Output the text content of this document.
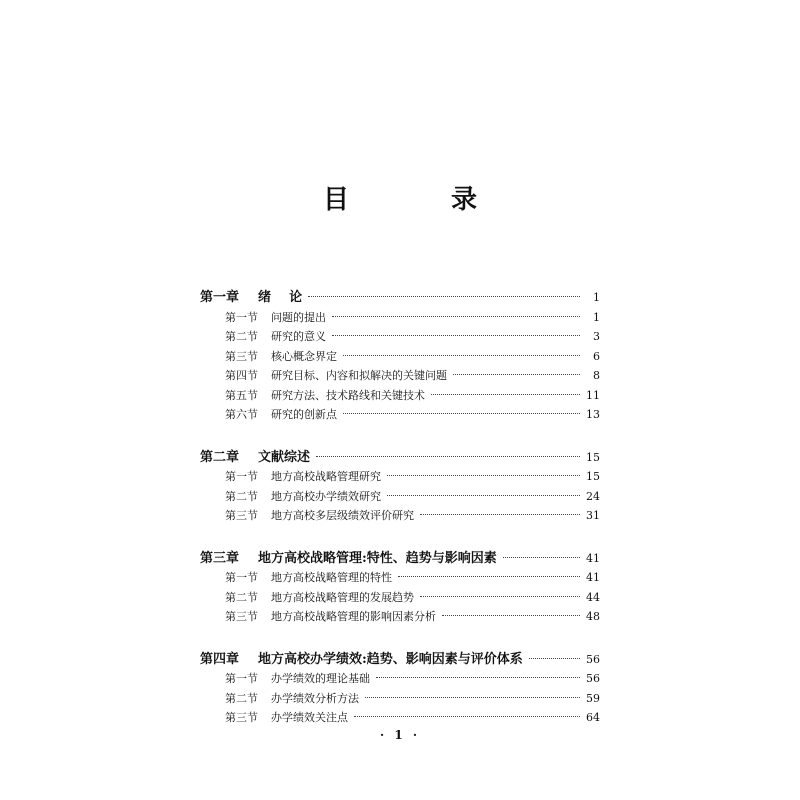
目  录
第一章	绪    论	1
第一节	问题的提出	1
第二节	研究的意义	3
第三节	核心概念界定	6
第四节	研究目标、内容和拟解决的关键问题	8
第五节	研究方法、技术路线和关键技术	11
第六节	研究的创新点	13
第二章	文献综述	15
第一节	地方高校战略管理研究	15
第二节	地方高校办学绩效研究	24
第三节	地方高校多层级绩效评价研究	31
第三章	地方高校战略管理:特性、趋势与影响因素	41
第一节	地方高校战略管理的特性	41
第二节	地方高校战略管理的发展趋势	44
第三节	地方高校战略管理的影响因素分析	48
第四章	地方高校办学绩效:趋势、影响因素与评价体系	56
第一节	办学绩效的理论基础	56
第二节	办学绩效分析方法	59
第三节	办学绩效关注点	64
· 1 ·
